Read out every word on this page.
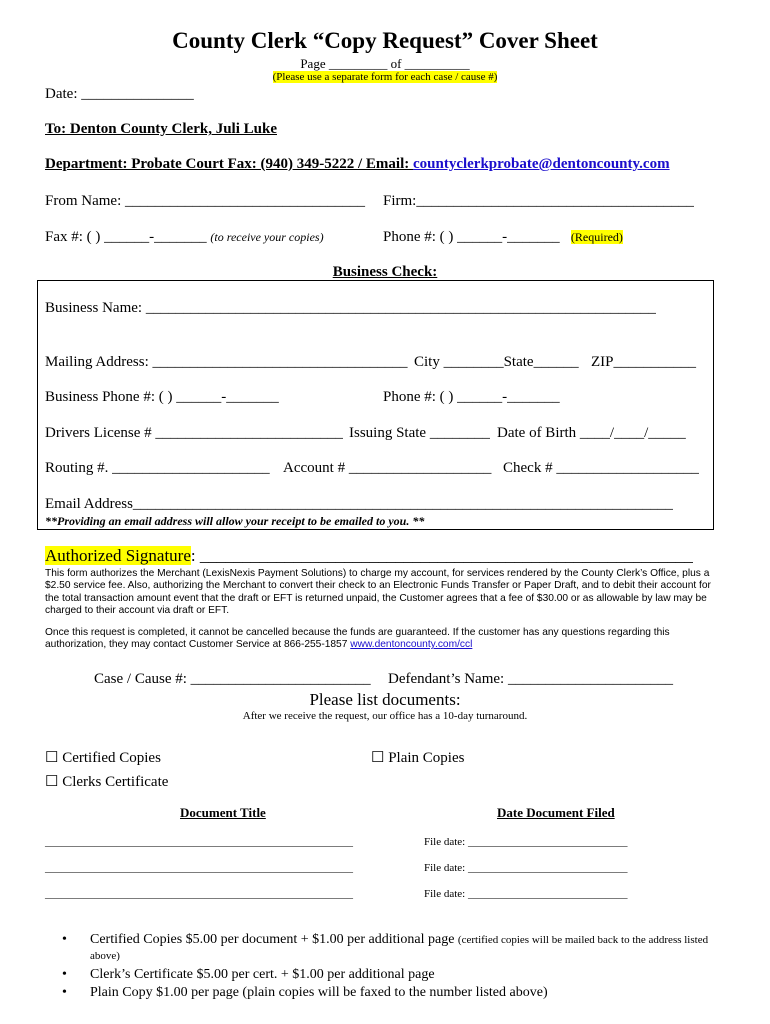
County Clerk “Copy Request” Cover Sheet
Page _________ of __________
(Please use a separate form for each case / cause #)
Date: _______________
To: Denton County Clerk, Juli Luke
Department: Probate Court Fax: (940) 349-5222 / Email: countyclerkprobate@dentoncounty.com
From Name: ________________________________ Firm:_____________________________________
Fax #: ( ) ______-_______ (to receive your copies)	Phone #: ( ) ______-_______ (Required)
Business Check:
Business Name: ____________________________________________________________________
Mailing Address: __________________________________ City ________State______ ZIP___________
Business Phone #: ( ) ______-_______	Phone #: ( ) ______-_______
Drivers License # _________________________ Issuing State ________ Date of Birth ____/____/_____
Routing #. _____________________ Account # ___________________ Check # ___________________
Email Address________________________________________________________________________
**Providing an email address will allow your receipt to be emailed to you. **
Authorized Signature: __________________________________________________________
This form authorizes the Merchant (LexisNexis Payment Solutions) to charge my account, for services rendered by the County Clerk’s Office, plus a $2.50 service fee. Also, authorizing the Merchant to convert their check to an Electronic Funds Transfer or Paper Draft, and to debit their account for the total transaction amount event that the draft or EFT is returned unpaid, the Customer agrees that a fee of $30.00 or as allowable by law may be charged to their account via draft or EFT.
Once this request is completed, it cannot be cancelled because the funds are guaranteed. If the customer has any questions regarding this authorization, they may contact Customer Service at 866-255-1857 www.dentoncounty.com/ccl
Case / Cause #: ________________________ Defendant’s Name: ______________________
Please list documents:
After we receive the request, our office has a 10-day turnaround.
☐ Certified Copies	☐ Plain Copies
☐ Clerks Certificate
Document Title	Date Document Filed
________________________________________________________	File date: _____________________________
________________________________________________________	File date: _____________________________
________________________________________________________	File date: _____________________________
• Certified Copies $5.00 per document + $1.00 per additional page (certified copies will be mailed back to the address listed above)
• Clerk’s Certificate $5.00 per cert. + $1.00 per additional page
• Plain Copy $1.00 per page (plain copies will be faxed to the number listed above)
